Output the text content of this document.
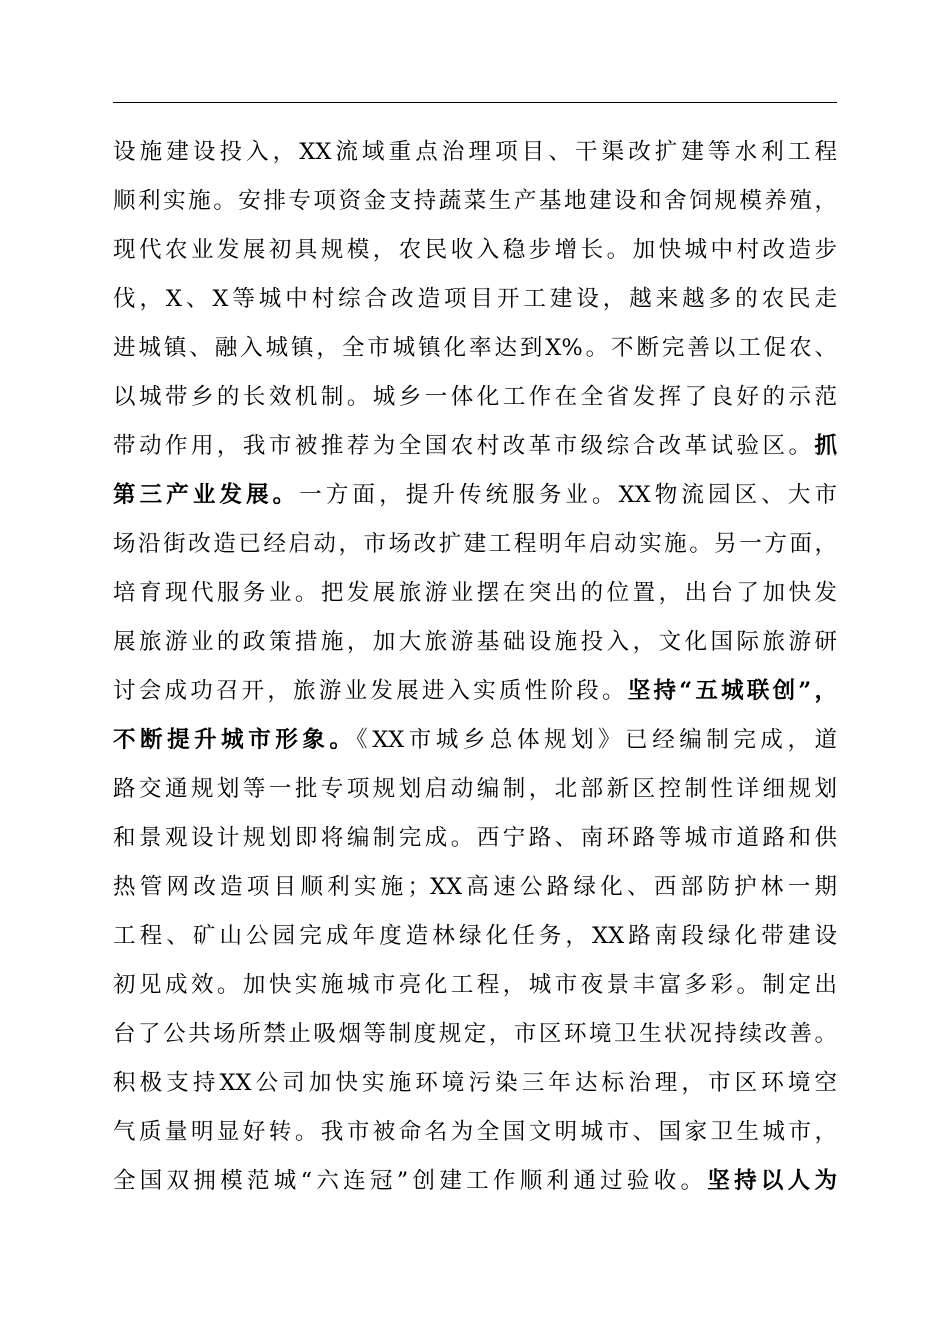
设施建设投入，XX流域重点治理项目、干渠改扩建等水利工程
顺利实施。安排专项资金支持蔬菜生产基地建设和舍饲规模养殖，
现代农业发展初具规模，农民收入稳步增长。加快城中村改造步
伐，X、X等城中村综合改造项目开工建设，越来越多的农民走
进城镇、融入城镇，全市城镇化率达到X%。不断完善以工促农、
以城带乡的长效机制。城乡一体化工作在全省发挥了良好的示范
带动作用，我市被推荐为全国农村改革市级综合改革试验区。抓
第三产业发展。一方面，提升传统服务业。XX物流园区、大市
场沿街改造已经启动，市场改扩建工程明年启动实施。另一方面，
培育现代服务业。把发展旅游业摆在突出的位置，出台了加快发
展旅游业的政策措施，加大旅游基础设施投入，文化国际旅游研
讨会成功召开，旅游业发展进入实质性阶段。坚持“五城联创”，
不断提升城市形象。《XX市城乡总体规划》已经编制完成，道
路交通规划等一批专项规划启动编制，北部新区控制性详细规划
和景观设计规划即将编制完成。西宁路、南环路等城市道路和供
热管网改造项目顺利实施；XX高速公路绿化、西部防护林一期
工程、矿山公园完成年度造林绿化任务，XX路南段绿化带建设
初见成效。加快实施城市亮化工程，城市夜景丰富多彩。制定出
台了公共场所禁止吸烟等制度规定，市区环境卫生状况持续改善。
积极支持XX公司加快实施环境污染三年达标治理，市区环境空
气质量明显好转。我市被命名为全国文明城市、国家卫生城市，
全国双拥模范城“六连冠”创建工作顺利通过验收。坚持以人为
